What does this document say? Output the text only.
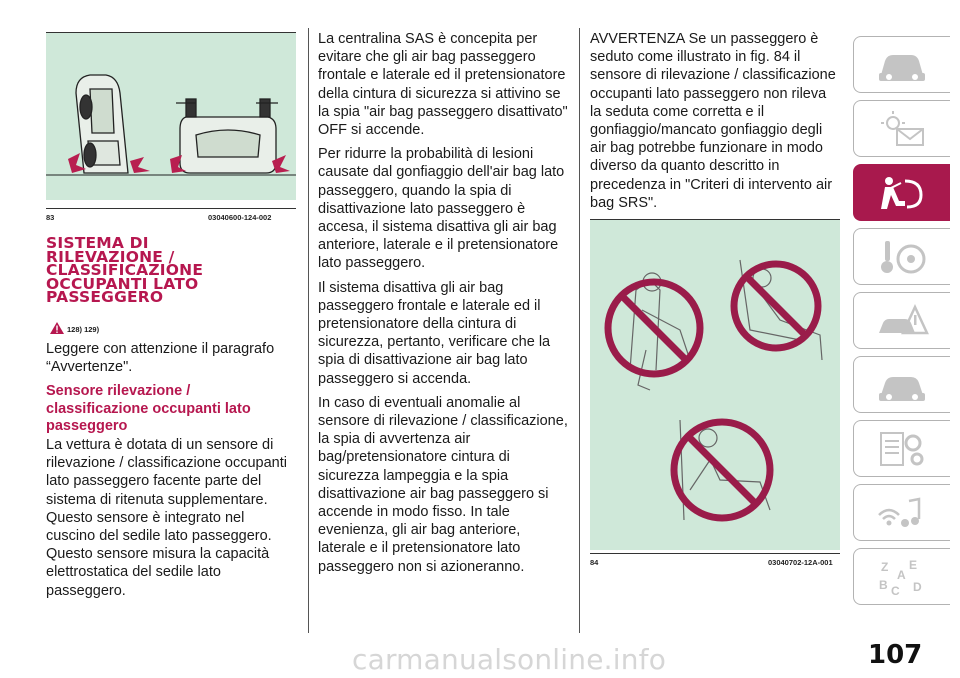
83	03040600-124-002
SISTEMA DI
RILEVAZIONE /
CLASSIFICAZIONE
OCCUPANTI LATO
PASSEGGERO
128) 129)

Leggere con attenzione il paragrafo “Avvertenze".

Sensore rilevazione / classificazione occupanti lato passeggero

La vettura è dotata di un sensore di rilevazione / classificazione occupanti lato passeggero facente parte del sistema di ritenuta supplementare. Questo sensore è integrato nel cuscino del sedile lato passeggero. Questo sensore misura la capacità elettrostatica del sedile lato passeggero.

La centralina SAS è concepita per evitare che gli air bag passeggero frontale e laterale ed il pretensionatore della cintura di sicurezza si attivino se la spia "air bag passeggero disattivato" OFF si accende.

Per ridurre la probabilità di lesioni causate dal gonfiaggio dell'air bag lato passeggero, quando la spia di disattivazione lato passeggero è accesa, il sistema disattiva gli air bag anteriore, laterale e il pretensionatore lato passeggero.

Il sistema disattiva gli air bag passeggero frontale e laterale ed il pretensionatore della cintura di sicurezza, pertanto, verificare che la spia di disattivazione air bag lato passeggero si accenda.

In caso di eventuali anomalie al sensore di rilevazione / classificazione, la spia di avvertenza air bag/pretensionatore cintura di sicurezza lampeggia e la spia disattivazione air bag passeggero si accende in modo fisso. In tale evenienza, gli air bag anteriore, laterale e il pretensionatore lato passeggero non si azioneranno.

AVVERTENZA Se un passeggero è seduto come illustrato in fig. 84 il sensore di rilevazione / classificazione occupanti lato passeggero non rileva la seduta come corretta e il gonfiaggio/mancato gonfiaggio degli air bag potrebbe funzionare in modo diverso da quanto descritto in precedenza in "Criteri di intervento air bag SRS".

84	03040702-12A-001	Z E
A
B C D
107
carmanualsonline.info
